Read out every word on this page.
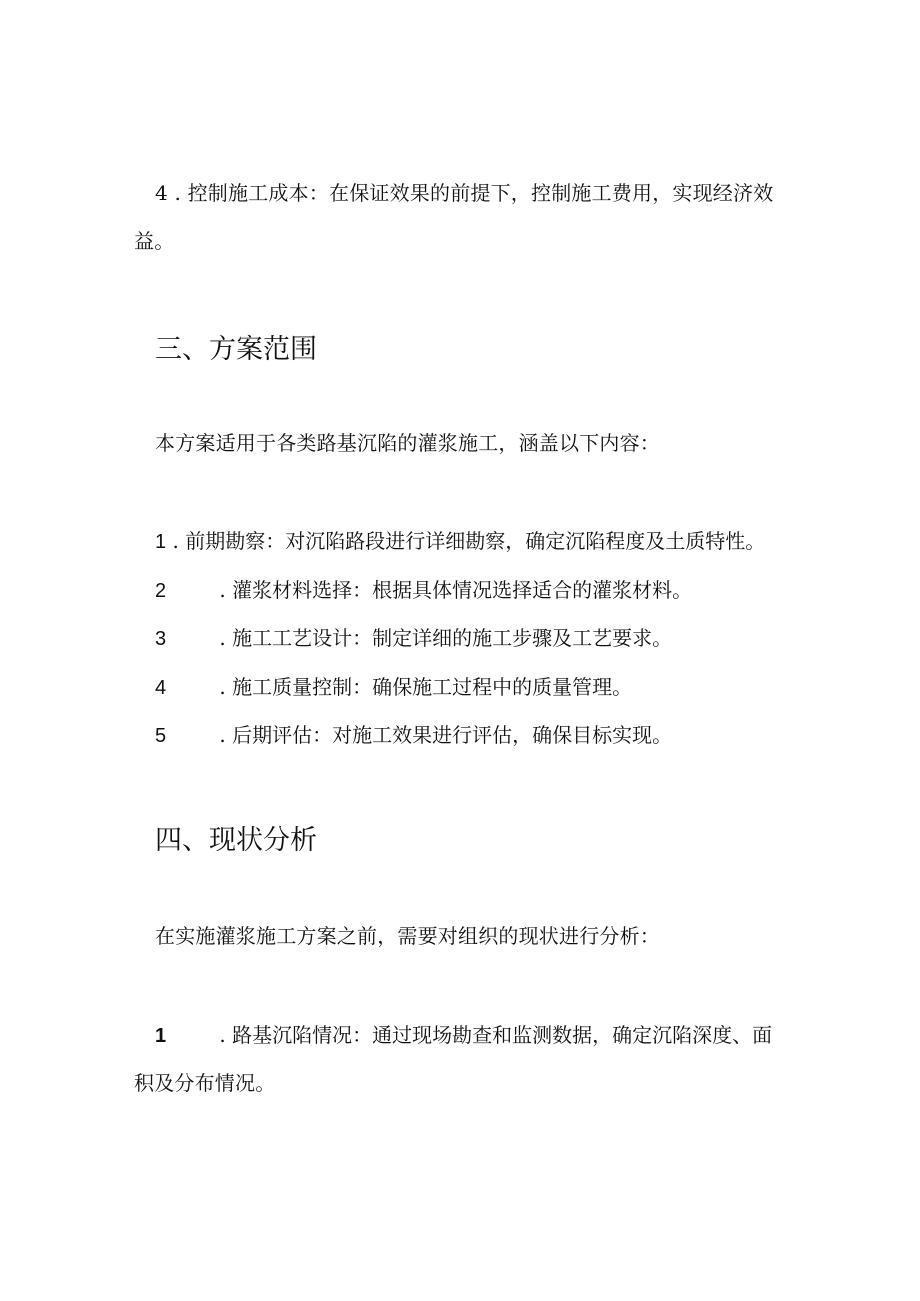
4 . 控制施工成本：在保证效果的前提下，控制施工费用，实现经济效
益。
三、方案范围
本方案适用于各类路基沉陷的灌浆施工，涵盖以下内容：
1 . 前期勘察：对沉陷路段进行详细勘察，确定沉陷程度及土质特性。
2	. 灌浆材料选择：根据具体情况选择适合的灌浆材料。
3	. 施工工艺设计：制定详细的施工步骤及工艺要求。
4	. 施工质量控制：确保施工过程中的质量管理。
5	. 后期评估：对施工效果进行评估，确保目标实现。
四、现状分析
在实施灌浆施工方案之前，需要对组织的现状进行分析：
1	. 路基沉陷情况：通过现场勘查和监测数据，确定沉陷深度、面
积及分布情况。
